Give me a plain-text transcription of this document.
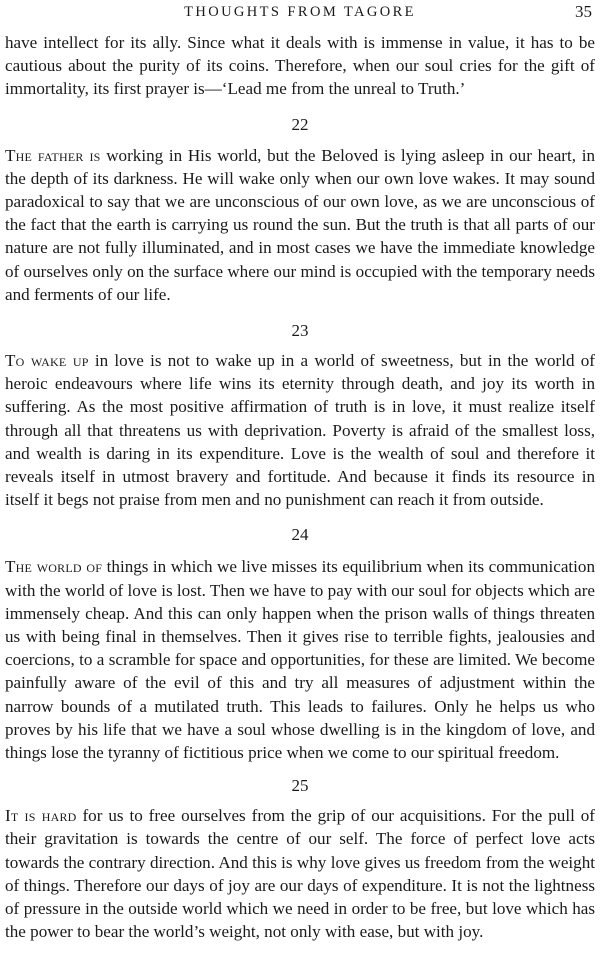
THOUGHTS FROM TAGORE	35

have intellect for its ally. Since what it deals with is immense in value, it has to be cautious about the purity of its coins. Therefore, when our soul cries for the gift of immortality, its first prayer is—‘Lead me from the unreal to Truth.’

22

The father is working in His world, but the Beloved is lying asleep in our heart, in the depth of its darkness. He will wake only when our own love wakes. It may sound paradoxical to say that we are unconscious of our own love, as we are unconscious of the fact that the earth is carrying us round the sun. But the truth is that all parts of our nature are not fully illuminated, and in most cases we have the immediate knowledge of ourselves only on the surface where our mind is occupied with the temporary needs and ferments of our life.

23

To wake up in love is not to wake up in a world of sweetness, but in the world of heroic endeavours where life wins its eternity through death, and joy its worth in suffering. As the most positive affirmation of truth is in love, it must realize itself through all that threatens us with deprivation. Poverty is afraid of the smallest loss, and wealth is daring in its expenditure. Love is the wealth of soul and therefore it reveals itself in utmost bravery and fortitude. And because it finds its resource in itself it begs not praise from men and no punishment can reach it from outside.

24

The world of things in which we live misses its equilibrium when its communication with the world of love is lost. Then we have to pay with our soul for objects which are immensely cheap. And this can only happen when the prison walls of things threaten us with being final in themselves. Then it gives rise to terrible fights, jealousies and coercions, to a scramble for space and opportunities, for these are limited. We become painfully aware of the evil of this and try all measures of adjustment within the narrow bounds of a mutilated truth. This leads to failures. Only he helps us who proves by his life that we have a soul whose dwelling is in the kingdom of love, and things lose the tyranny of fictitious price when we come to our spiritual freedom.

25

It is hard for us to free ourselves from the grip of our acquisitions. For the pull of their gravitation is towards the centre of our self. The force of perfect love acts towards the contrary direction. And this is why love gives us freedom from the weight of things. Therefore our days of joy are our days of expenditure. It is not the lightness of pressure in the outside world which we need in order to be free, but love which has the power to bear the world’s weight, not only with ease, but with joy.
